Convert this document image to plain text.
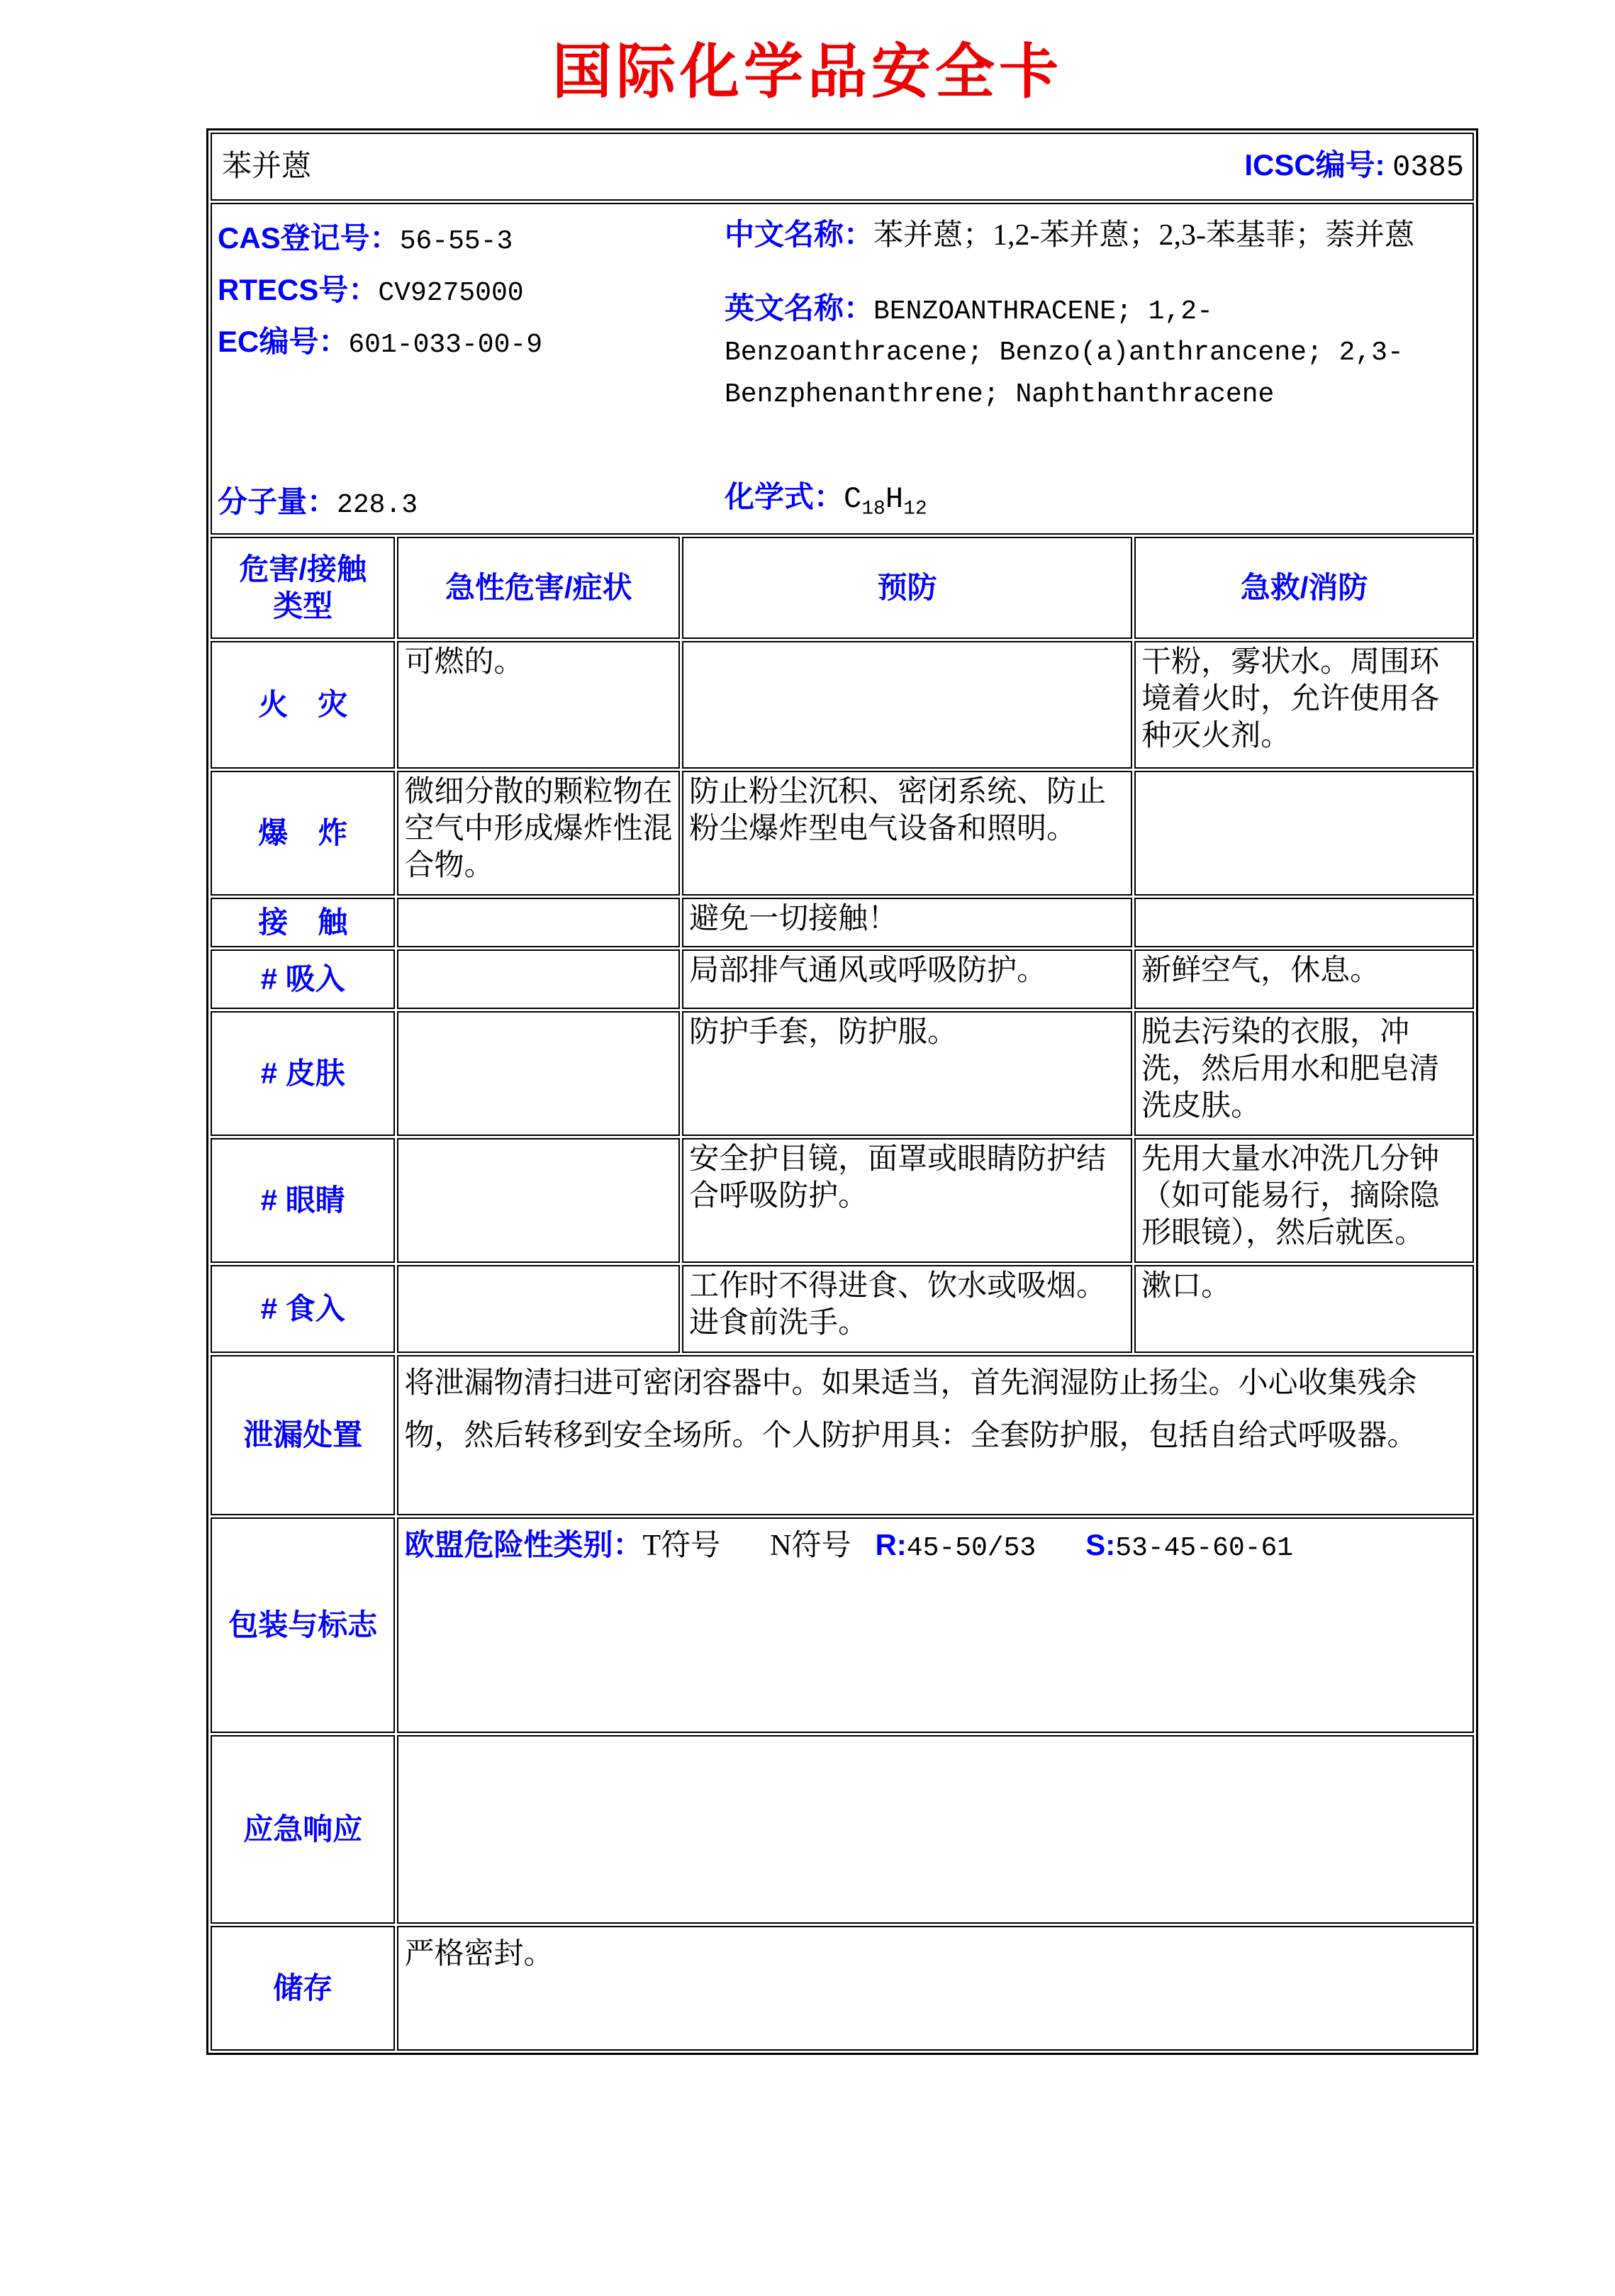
国际化学品安全卡
苯并蒽 ICSC编号: 0385			

CAS登记号：56-55-3
RTECS号：CV9275000
EC编号：601-033-00-9
分子量：228.3
中文名称：苯并蒽；1,2-苯并蒽；2,3-苯基菲；萘并蒽
英文名称：BENZOANTHRACENE; 1,2-Benzoanthracene; Benzo(a)anthrancene; 2,3-Benzphenanthrene; Naphthanthracene
化学式：$C_{18}H_{12}$

危害/接触
类型	急性危害/症状	预防	急救/消防
火　灾	可燃的。		干粉，雾状水。周围环境着火时，允许使用各种灭火剂。
爆　炸	微细分散的颗粒物在空气中形成爆炸性混合物。	防止粉尘沉积、密闭系统、防止粉尘爆炸型电气设备和照明。	
接　触		避免一切接触！	
# 吸入		局部排气通风或呼吸防护。	新鲜空气，休息。
# 皮肤		防护手套，防护服。	脱去污染的衣服，冲洗，然后用水和肥皂清洗皮肤。
# 眼睛		安全护目镜，面罩或眼睛防护结合呼吸防护。	先用大量水冲洗几分钟（如可能易行，摘除隐形眼镜），然后就医。
# 食入		工作时不得进食、饮水或吸烟。进食前洗手。	漱口。
泄漏处置	将泄漏物清扫进可密闭容器中。如果适当，首先润湿防止扬尘。小心收集残余物，然后转移到安全场所。个人防护用具：全套防护服，包括自给式呼吸器。		
包装与标志	欧盟危险性类别：T符号 N符号 R:45-50/53 S:53-45-60-61		

应急响应			
储存	严格密封。		
